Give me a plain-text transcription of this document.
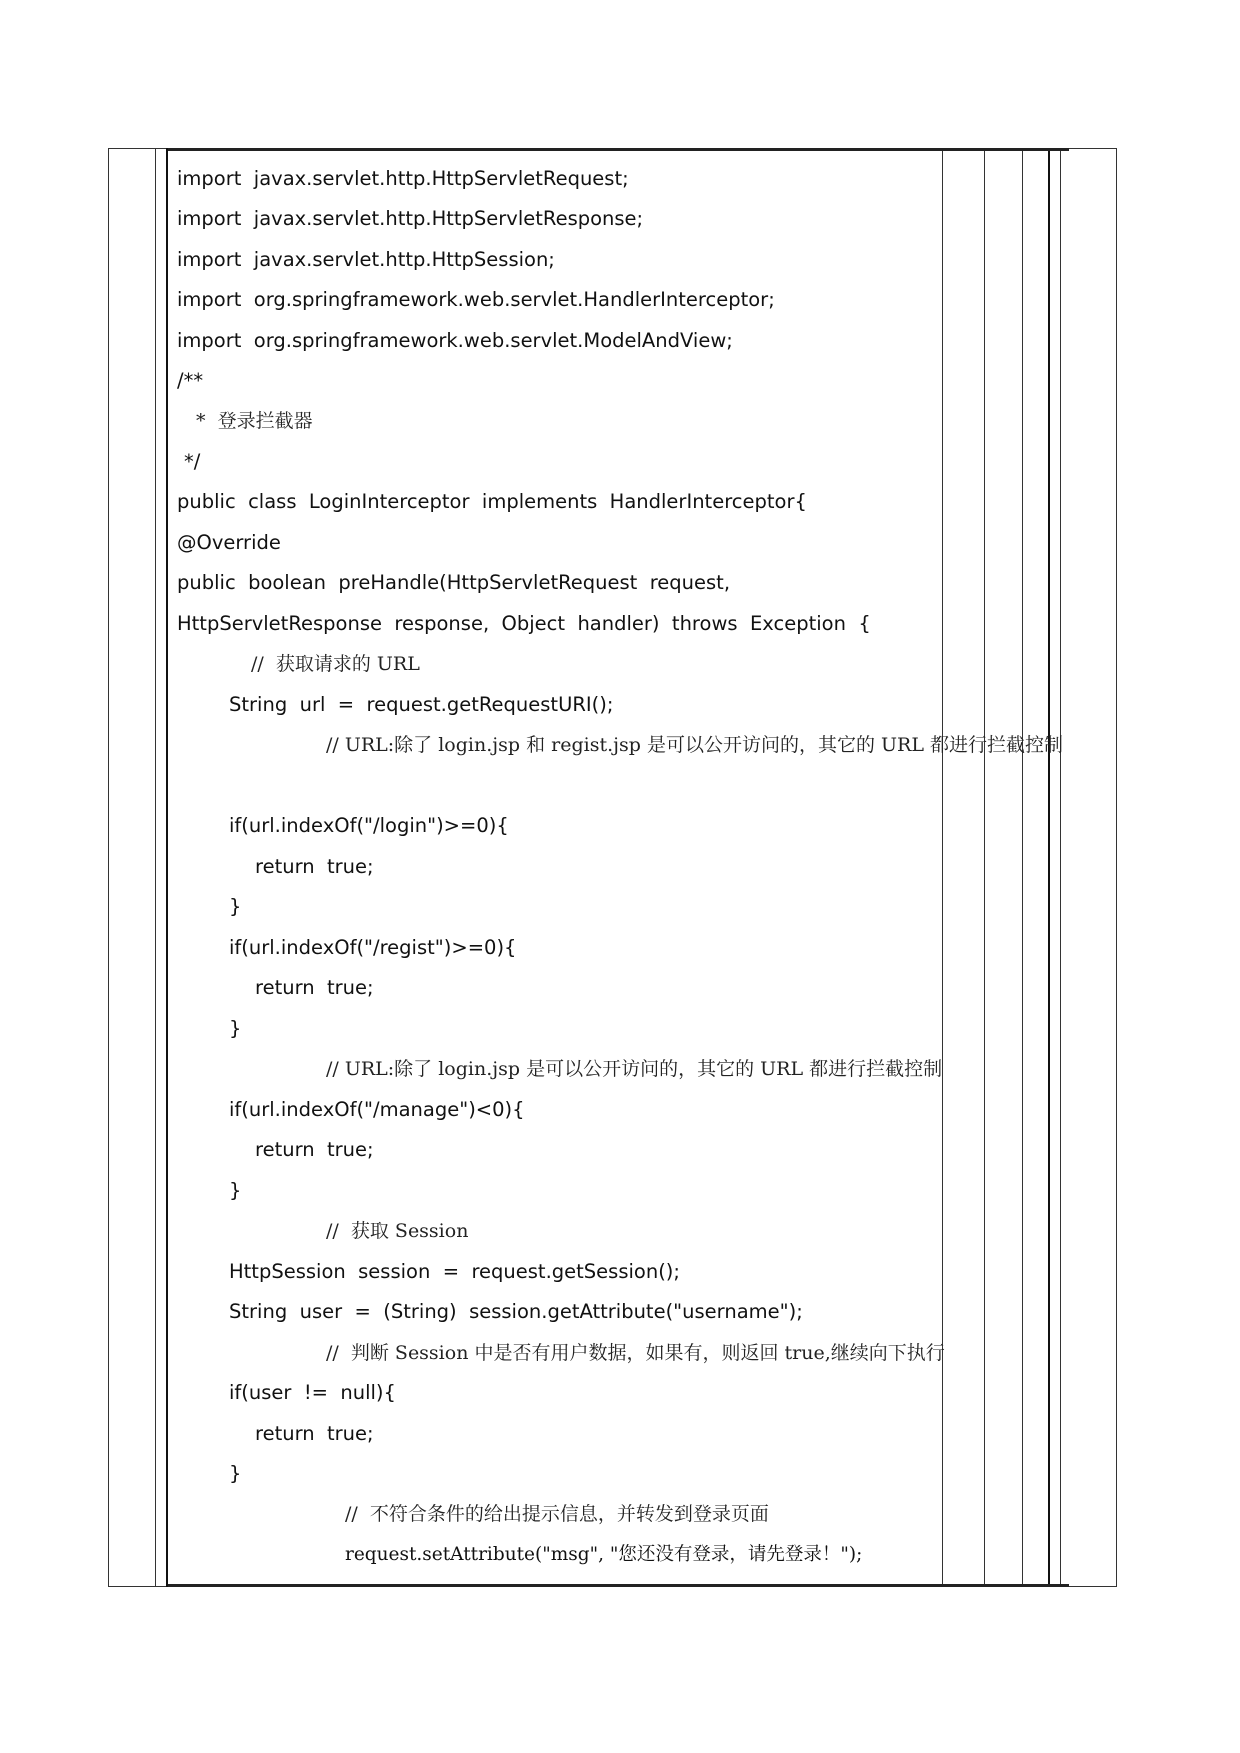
import  javax.servlet.http.HttpServletRequest;
import  javax.servlet.http.HttpServletResponse;
import  javax.servlet.http.HttpSession;
import  org.springframework.web.servlet.HandlerInterceptor;
import  org.springframework.web.servlet.ModelAndView;
/**
*  登录拦截器
*/
public  class  LoginInterceptor  implements  HandlerInterceptor{
@Override
public  boolean  preHandle(HttpServletRequest  request,
HttpServletResponse  response,  Object  handler)  throws  Exception  {
//  获取请求的 URL
String  url  =  request.getRequestURI();
// URL:除了 login.jsp 和 regist.jsp 是可以公开访问的，其它的 URL 都进行拦截控制
if(url.indexOf("/login")>=0){
return  true;
}
if(url.indexOf("/regist")>=0){
return  true;
}
// URL:除了 login.jsp 是可以公开访问的，其它的 URL 都进行拦截控制
if(url.indexOf("/manage")<0){
return  true;
}
//  获取 Session
HttpSession  session  =  request.getSession();
String  user  =  (String)  session.getAttribute("username");
//  判断 Session 中是否有用户数据，如果有，则返回 true,继续向下执行
if(user  !=  null){
return  true;
}
//  不符合条件的给出提示信息，并转发到登录页面
request.setAttribute("msg", "您还没有登录，请先登录！");
